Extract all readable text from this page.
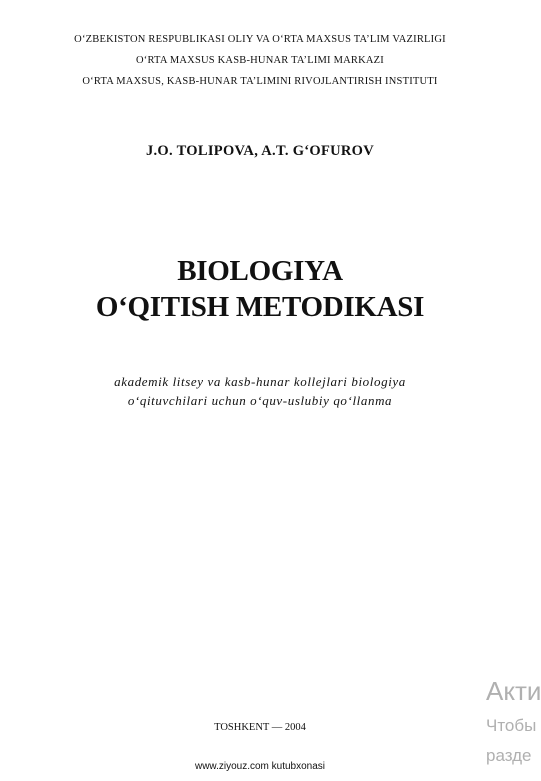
O‘ZBEKISTON RESPUBLIKASI OLIY VA O‘RTA MAXSUS TA’LIM VAZIRLIGI
O‘RTA MAXSUS KASB-HUNAR TA’LIMI MARKAZI
O‘RTA MAXSUS, KASB-HUNAR TA’LIMINI RIVOJLANTIRISH INSTITUTI
J.O. TOLIPOVA, A.T. G‘OFUROV
BIOLOGIYA
O‘QITISH METODIKASI
akademik litsey va kasb-hunar kollejlari biologiya
o‘qituvchilari uchun o‘quv-uslubiy qo‘llanma
TOSHKENT — 2004
www.ziyouz.com kutubxonasi
Акти
Чтобы
разде
